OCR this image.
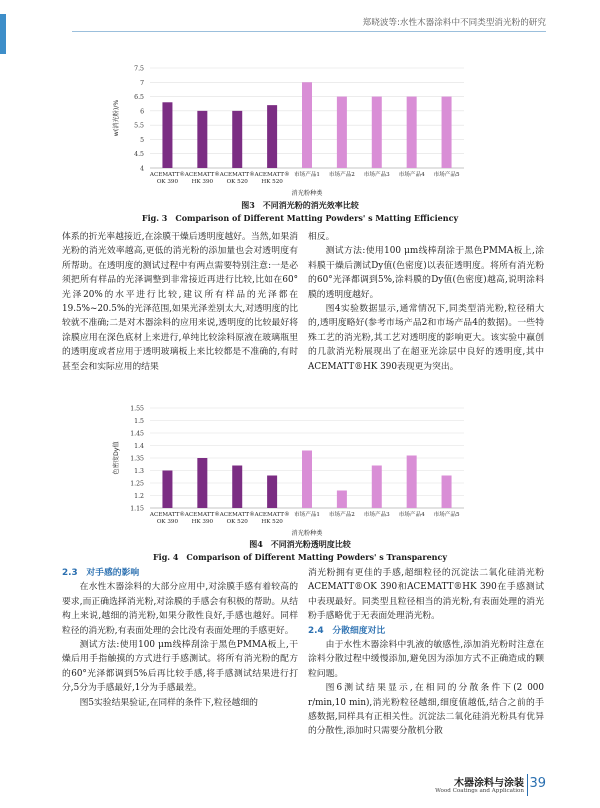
郑晓波等:水性木器涂料中不同类型消光粉的研究
4
4.5
5
5.5
6
6.5
7
7.5
ACEMATT®
OK 390
ACEMATT®
HK 390
ACEMATT®
OK 520
ACEMATT®
HK 520
市场产品1 市场产品2 市场产品3 市场产品4 市场产品5
消光粉种类
w(消光粉)/%
图3　不同消光粉的消光效率比较
Fig. 3　Comparison of Different Matting Powders' s Matting Efficiency

体系的折光率越接近,在涂膜干燥后透明度越好。当然,如果消光粉的消光效率越高,更低的消光粉的添加量也会对透明度有所帮助。在透明度的测试过程中有两点需要特别注意:一是必须把所有样品的光泽调整到非常接近再进行比较,比如在60°光泽20%的水平进行比较,建议所有样品的光泽都在19.5%~20.5%的光泽范围,如果光泽差别太大,对透明度的比较就不准确;二是对木器涂料的应用来说,透明度的比较最好将涂膜应用在深色底材上来进行,单纯比较涂料原液在玻璃瓶里的透明度或者应用于透明玻璃板上来比较都是不准确的,有时甚至会和实际应用的结果

相反。

测试方法:使用100 μm线棒刮涂于黑色PMMA板上,涂料膜干燥后测试Dy值(色密度)以表征透明度。将所有消光粉的60°光泽都调到5%,涂料膜的Dy值(色密度)越高,说明涂料膜的透明度越好。

图4实验数据显示,通常情况下,同类型消光粉,粒径稍大的,透明度略好(参考市场产品2和市场产品4的数据)。一些特殊工艺的消光粉,其工艺对透明度的影响更大。该实验中赢创的几款消光粉展现出了在超亚光涂层中良好的透明度,其中ACEMATT®HK 390表现更为突出。

1.15
1.2
1.25
1.3
1.35
1.4
1.45
1.5
1.55
ACEMATT®
OK 390
ACEMATT®
HK 390
ACEMATT®
OK 520
ACEMATT®
HK 520
市场产品1 市场产品2 市场产品3 市场产品4 市场产品5
消光粉种类
色密度Dy值
图4　不同消光粉透明度比较
Fig. 4　Comparison of Different Matting Powders' s Transparency

2.3　对手感的影响

在水性木器涂料的大部分应用中,对涂膜手感有着较高的要求,而正确选择消光粉,对涂膜的手感会有积极的帮助。从结构上来说,越细的消光粉,如果分散性良好,手感也越好。同样粒径的消光粉,有表面处理的会比没有表面处理的手感更好。

测试方法:使用100 μm线棒刮涂于黑色PMMA板上,干燥后用手指触摸的方式进行手感测试。将所有消光粉的配方的60°光泽都调到5%后再比较手感,将手感测试结果进行打分,5分为手感最好,1分为手感最差。

图5实验结果验证,在同样的条件下,粒径越细的

消光粉拥有更佳的手感,超细粒径的沉淀法二氧化硅消光粉ACEMATT®OK 390和ACEMATT®HK 390在手感测试中表现最好。同类型且粒径相当的消光粉,有表面处理的消光粉手感略优于无表面处理消光粉。

2.4　分散细度对比

由于水性木器涂料中乳液的敏感性,添加消光粉时注意在涂料分散过程中缓慢添加,避免因为添加方式不正确造成的颗粒问题。

图6测试结果显示,在相同的分散条件下(2 000 r/min,10 min),消光粉粒径越细,细度值越低,结合之前的手感数据,同样具有正相关性。沉淀法二氧化硅消光粉具有优异的分散性,添加时只需要分散机分散

木器涂料与涂装
Wood Coatings and Application 39
